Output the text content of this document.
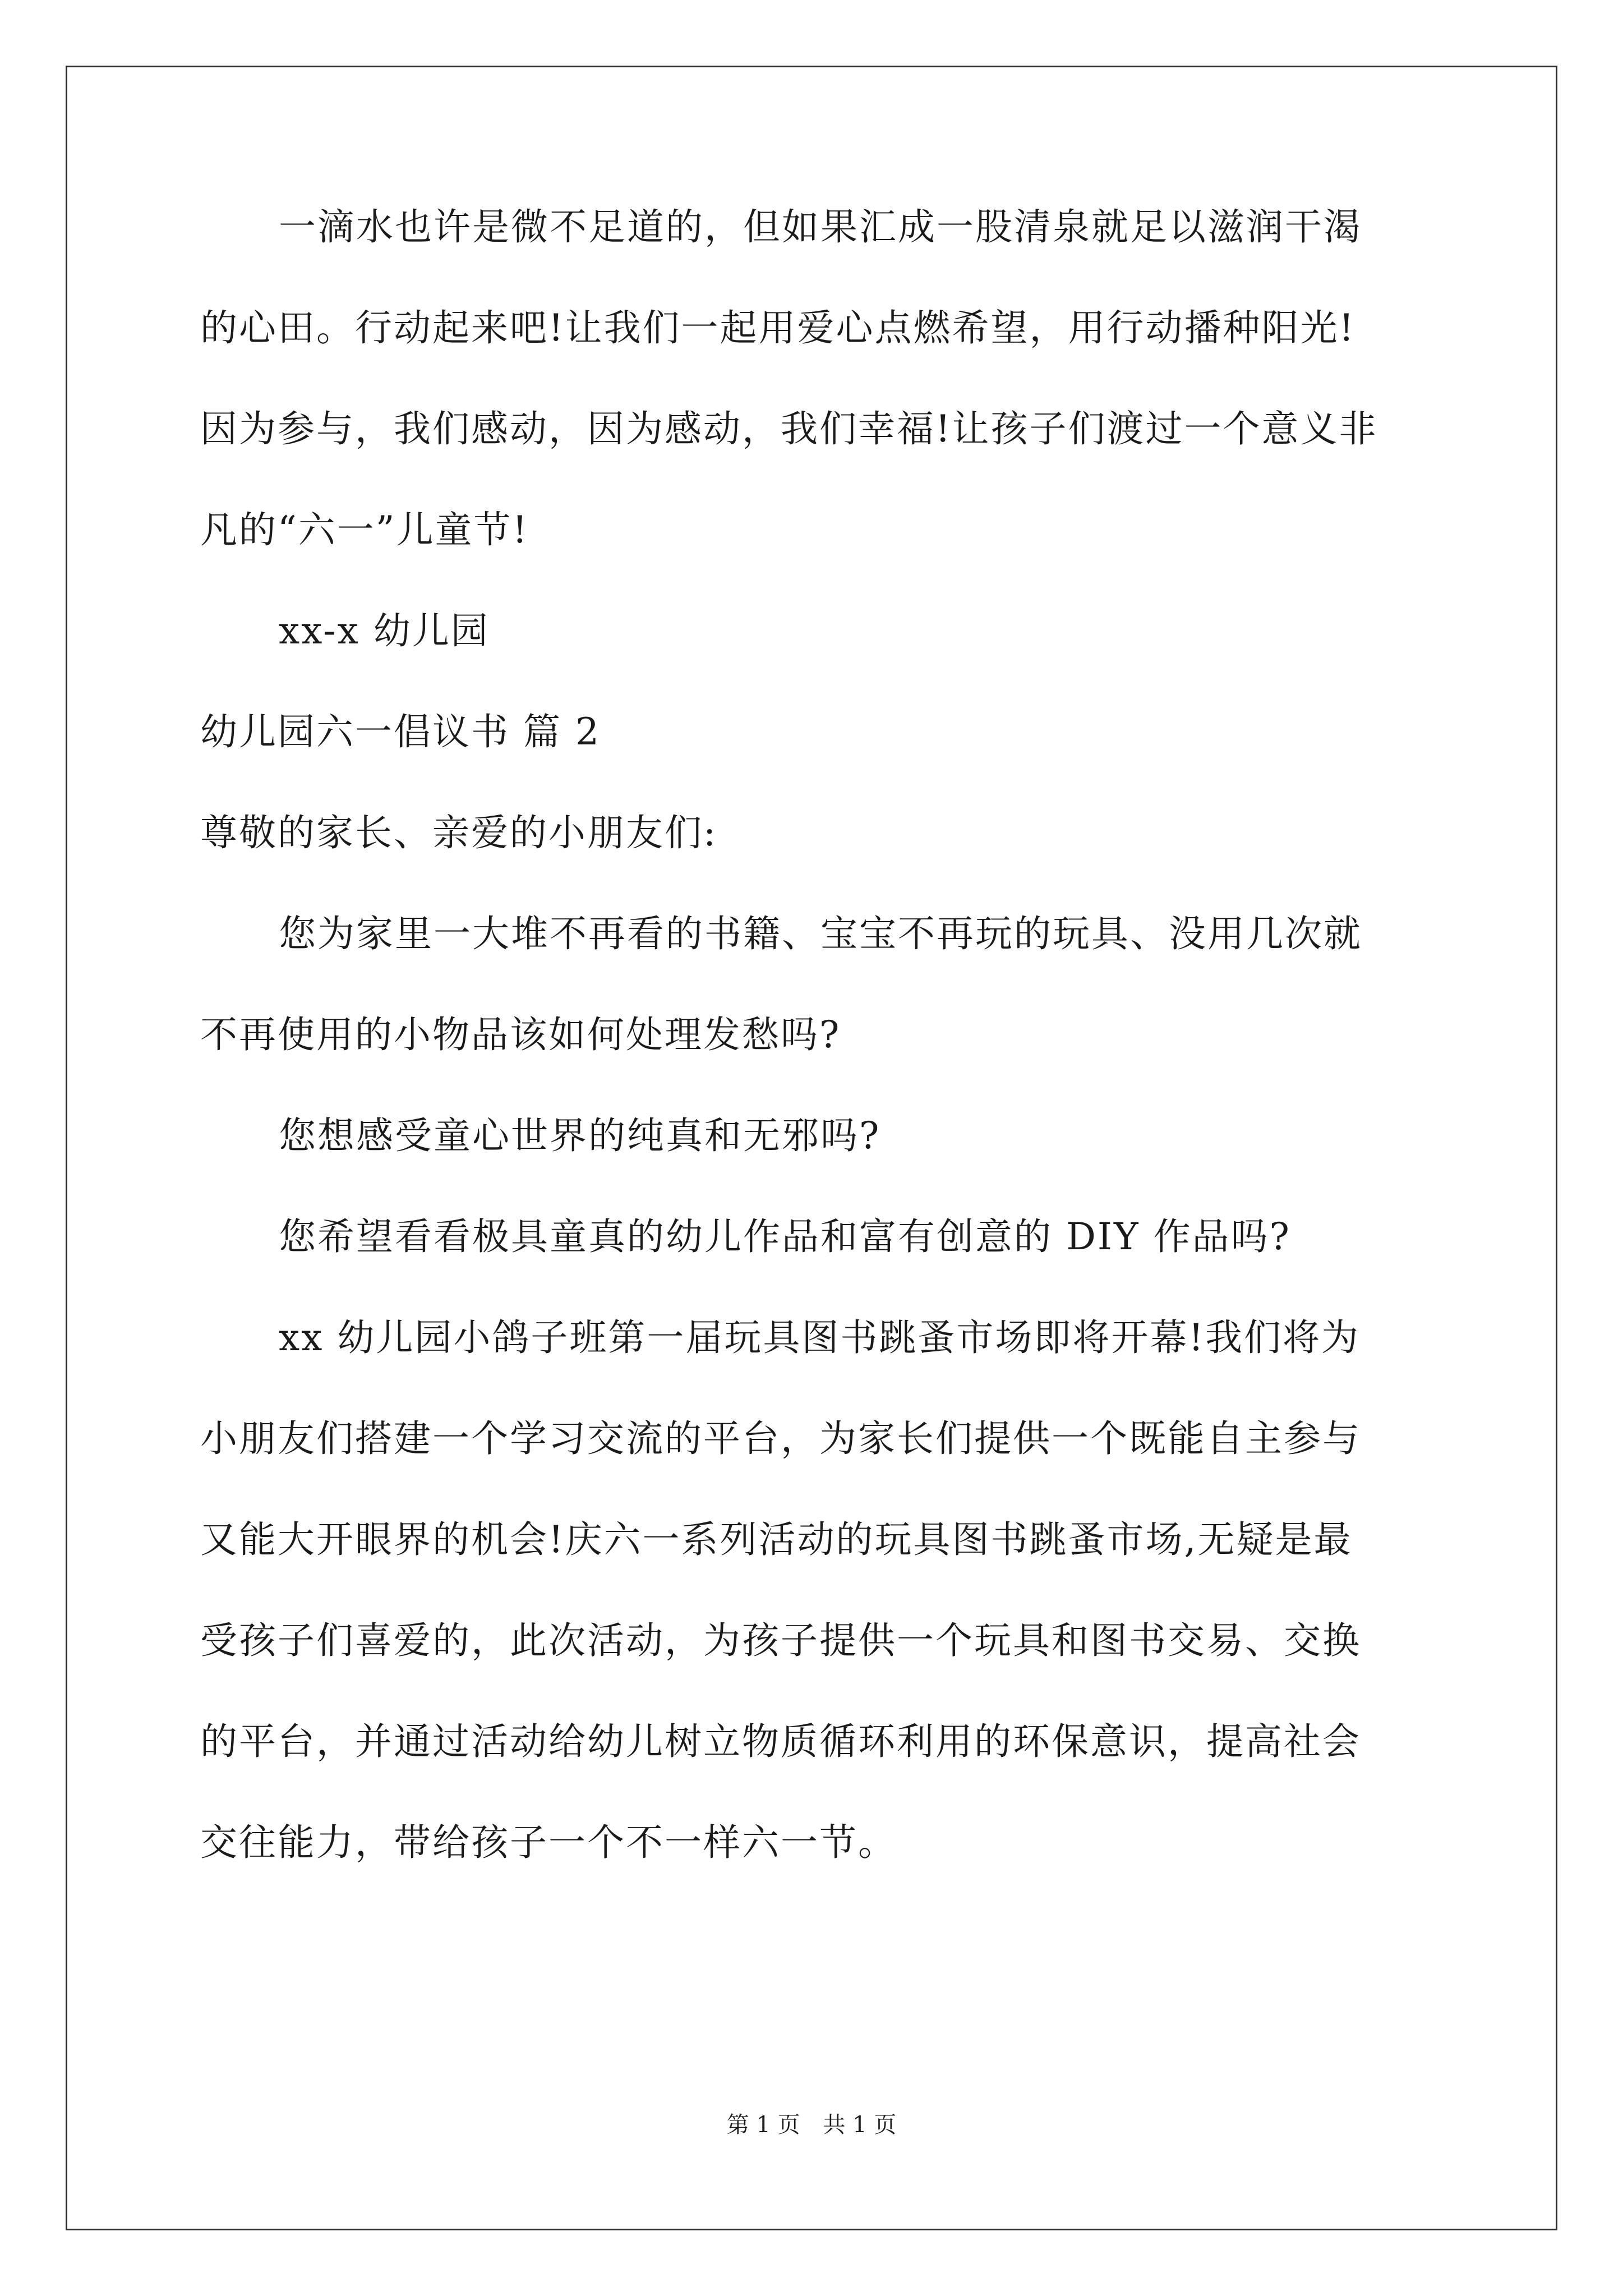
一滴水也许是微不足道的，但如果汇成一股清泉就足以滋润干渴
的心田。行动起来吧!让我们一起用爱心点燃希望，用行动播种阳光!
因为参与，我们感动，因为感动，我们幸福!让孩子们渡过一个意义非
凡的“六一”儿童节!
xx-x 幼儿园
幼儿园六一倡议书 篇 2
尊敬的家长、亲爱的小朋友们:
您为家里一大堆不再看的书籍、宝宝不再玩的玩具、没用几次就
不再使用的小物品该如何处理发愁吗?
您想感受童心世界的纯真和无邪吗?
您希望看看极具童真的幼儿作品和富有创意的 DIY 作品吗?
xx 幼儿园小鸽子班第一届玩具图书跳蚤市场即将开幕!我们将为
小朋友们搭建一个学习交流的平台，为家长们提供一个既能自主参与
又能大开眼界的机会!庆六一系列活动的玩具图书跳蚤市场,无疑是最
受孩子们喜爱的，此次活动，为孩子提供一个玩具和图书交易、交换
的平台，并通过活动给幼儿树立物质循环利用的环保意识，提高社会
交往能力，带给孩子一个不一样六一节。
第 1 页 共 1 页
